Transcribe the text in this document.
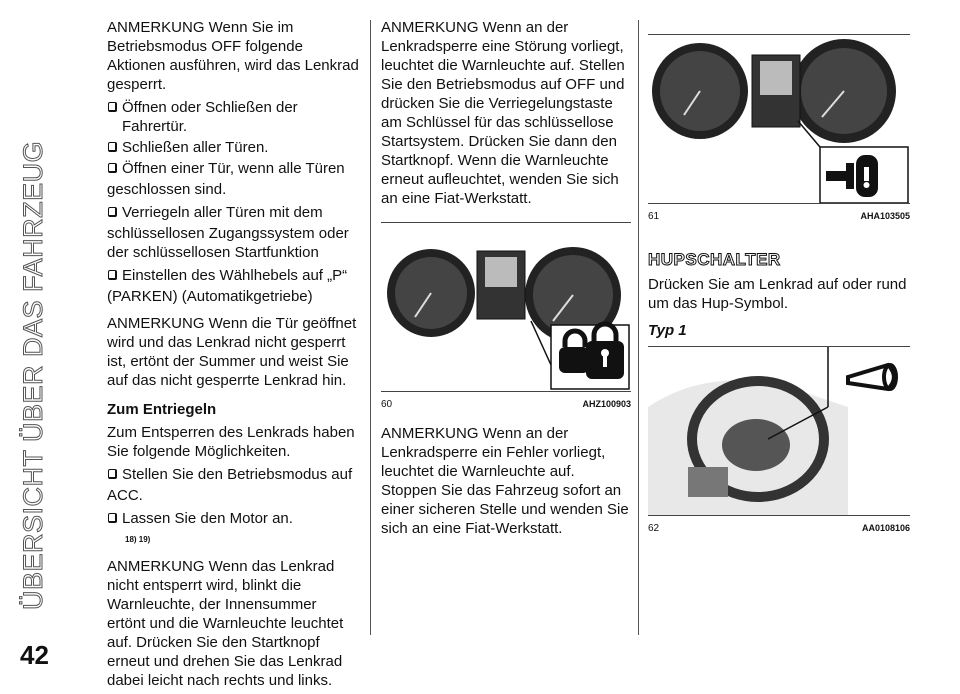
ÜBERSICHT ÜBER DAS FAHRZEUG
42

ANMERKUNG Wenn Sie im Betriebsmodus OFF folgende Aktionen ausführen, wird das Lenkrad gesperrt.

Öffnen oder Schließen der Fahrertür.
Schließen aller Türen.
Öffnen einer Tür, wenn alle Türen
geschlossen sind.
Verriegeln aller Türen mit dem
schlüssellosen Zugangssystem oder der schlüssellosen Startfunktion
Einstellen des Wählhebels auf „P“
(PARKEN) (Automatikgetriebe)

ANMERKUNG Wenn die Tür geöffnet wird und das Lenkrad nicht gesperrt ist, ertönt der Summer und weist Sie auf das nicht gesperrte Lenkrad hin.

Zum Entriegeln

Zum Entsperren des Lenkrads haben Sie folgende Möglichkeiten.

Stellen Sie den Betriebsmodus auf
ACC.
Lassen Sie den Motor an.
18) 19)

ANMERKUNG Wenn das Lenkrad nicht entsperrt wird, blinkt die Warnleuchte, der Innensummer ertönt und die Warnleuchte leuchtet auf. Drücken Sie den Startknopf erneut und drehen Sie das Lenkrad dabei leicht nach rechts und links.

ANMERKUNG Wenn an der Lenkradsperre eine Störung vorliegt, leuchtet die Warnleuchte auf. Stellen Sie den Betriebsmodus auf OFF und drücken Sie die Verriegelungstaste am Schlüssel für das schlüssellose Startsystem. Drücken Sie dann den Startknopf. Wenn die Warnleuchte erneut aufleuchtet, wenden Sie sich an eine Fiat-Werkstatt.

60	AHZ100903

ANMERKUNG Wenn an der Lenkradsperre ein Fehler vorliegt, leuchtet die Warnleuchte auf. Stoppen Sie das Fahrzeug sofort an einer sicheren Stelle und wenden Sie sich an eine Fiat-Werkstatt.

61	AHA103505
HUPSCHALTER

Drücken Sie am Lenkrad auf oder rund um das Hup-Symbol.

Typ 1
62	AA0108106
